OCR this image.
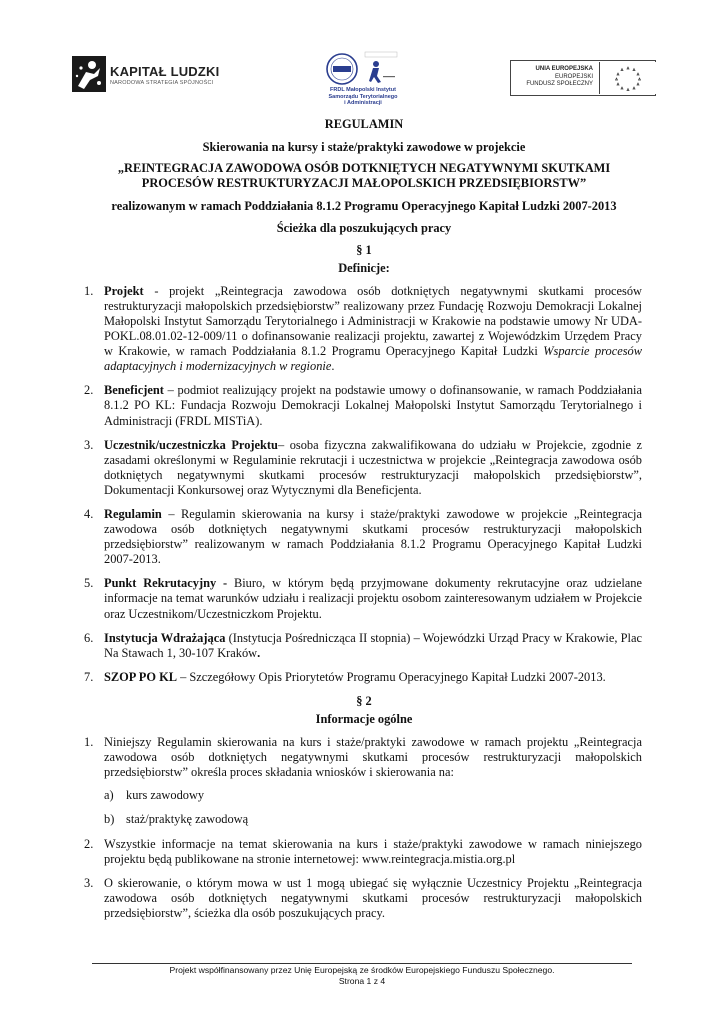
KAPITAŁ LUDZKI
NARODOWA STRATEGIA SPÓJNOŚCI
FRDL Małopolski Instytut
Samorządu Terytorialnego
i Administracji
UNIA EUROPEJSKA
EUROPEJSKI
FUNDUSZ SPOŁECZNY
REGULAMIN
Skierowania na kursy i staże/praktyki zawodowe w projekcie
„REINTEGRACJA ZAWODOWA OSÓB DOTKNIĘTYCH NEGATYWNYMI SKUTKAMI PROCESÓW RESTRUKTURYZACJI MAŁOPOLSKICH PRZEDSIĘBIORSTW”
realizowanym w ramach Poddziałania 8.1.2 Programu Operacyjnego Kapitał Ludzki 2007-2013
Ścieżka dla poszukujących pracy
§ 1
Definicje:
1. Projekt - projekt „Reintegracja zawodowa osób dotkniętych negatywnymi skutkami procesów restrukturyzacji małopolskich przedsiębiorstw” realizowany przez Fundację Rozwoju Demokracji Lokalnej Małopolski Instytut Samorządu Terytorialnego i Administracji w Krakowie na podstawie umowy Nr UDA-POKL.08.01.02-12-009/11 o dofinansowanie realizacji projektu, zawartej z Wojewódzkim Urzędem Pracy w Krakowie, w ramach Poddziałania 8.1.2 Programu Operacyjnego Kapitał Ludzki Wsparcie procesów adaptacyjnych i modernizacyjnych w regionie.
2. Beneficjent – podmiot realizujący projekt na podstawie umowy o dofinansowanie, w ramach Poddziałania 8.1.2 PO KL: Fundacja Rozwoju Demokracji Lokalnej Małopolski Instytut Samorządu Terytorialnego i Administracji (FRDL MISTiA).
3. Uczestnik/uczestniczka Projektu– osoba fizyczna zakwalifikowana do udziału w Projekcie, zgodnie z zasadami określonymi w Regulaminie rekrutacji i uczestnictwa w projekcie „Reintegracja zawodowa osób dotkniętych negatywnymi skutkami procesów restrukturyzacji małopolskich przedsiębiorstw”, Dokumentacji Konkursowej oraz Wytycznymi dla Beneficjenta.
4. Regulamin – Regulamin skierowania na kursy i staże/praktyki zawodowe w projekcie „Reintegracja zawodowa osób dotkniętych negatywnymi skutkami procesów restrukturyzacji małopolskich przedsiębiorstw” realizowanym w ramach Poddziałania 8.1.2 Programu Operacyjnego Kapitał Ludzki 2007-2013.
5. Punkt Rekrutacyjny - Biuro, w którym będą przyjmowane dokumenty rekrutacyjne oraz udzielane informacje na temat warunków udziału i realizacji projektu osobom zainteresowanym udziałem w Projekcie oraz Uczestnikom/Uczestniczkom Projektu.
6. Instytucja Wdrażająca (Instytucja Pośrednicząca II stopnia) – Wojewódzki Urząd Pracy w Krakowie, Plac Na Stawach 1, 30-107 Kraków.
7. SZOP PO KL – Szczegółowy Opis Priorytetów Programu Operacyjnego Kapitał Ludzki 2007-2013.
§ 2
Informacje ogólne
1. Niniejszy Regulamin skierowania na kurs i staże/praktyki zawodowe w ramach projektu „Reintegracja zawodowa osób dotkniętych negatywnymi skutkami procesów restrukturyzacji małopolskich przedsiębiorstw” określa proces składania wniosków i skierowania na:
a) kurs zawodowy
b) staż/praktykę zawodową
2. Wszystkie informacje na temat skierowania na kurs i staże/praktyki zawodowe w ramach niniejszego projektu będą publikowane na stronie internetowej: www.reintegracja.mistia.org.pl
3. O skierowanie, o którym mowa w ust 1 mogą ubiegać się wyłącznie Uczestnicy Projektu „Reintegracja zawodowa osób dotkniętych negatywnymi skutkami procesów restrukturyzacji małopolskich przedsiębiorstw”, ścieżka dla osób poszukujących pracy.
Projekt współfinansowany przez Unię Europejską ze środków Europejskiego Funduszu Społecznego.
Strona 1 z 4
